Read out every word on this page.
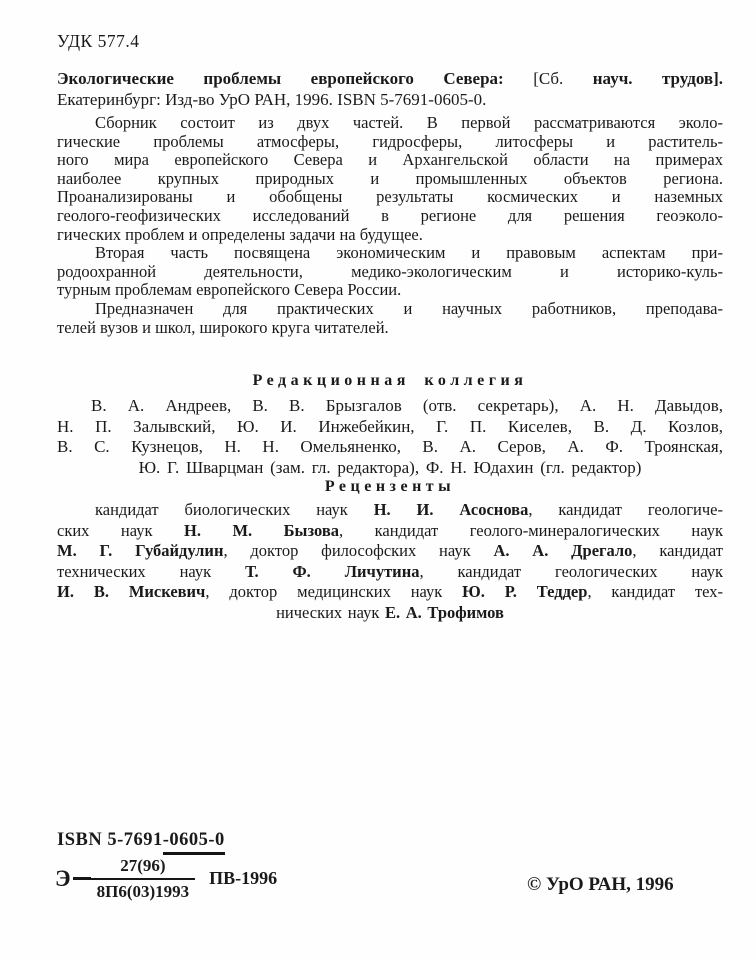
УДК 577.4
Экологические проблемы европейского Севера: [Сб. науч. трудов].
Екатеринбург: Изд-во УрО РАН, 1996. ISBN 5-7691-0605-0.
Сборник состоит из двух частей. В первой рассматриваются эколо-
гические проблемы атмосферы, гидросферы, литосферы и раститель-
ного мира европейского Севера и Архангельской области на примерах
наиболее крупных природных и промышленных объектов региона.
Проанализированы и обобщены результаты космических и наземных
геолого-геофизических исследований в регионе для решения геоэколо-
гических проблем и определены задачи на будущее.
Вторая часть посвящена экономическим и правовым аспектам при-
родоохранной деятельности, медико-экологическим и историко-куль-
турным проблемам европейского Севера России.
Предназначен для практических и научных работников, преподава-
телей вузов и школ, широкого круга читателей.
Редакционная коллегия
В. А. Андреев, В. В. Брызгалов (отв. секретарь), А. Н. Давыдов,
Н. П. Залывский, Ю. И. Инжебейкин, Г. П. Киселев, В. Д. Козлов,
В. С. Кузнецов, Н. Н. Омельяненко, В. А. Серов, А. Ф. Троянская,
Ю. Г. Шварцман (зам. гл. редактора), Ф. Н. Юдахин (гл. редактор)
Рецензенты
кандидат биологических наук Н. И. Асоснова, кандидат геологиче-
ских наук Н. М. Бызова, кандидат геолого-минералогических наук
М. Г. Губайдулин, доктор философских наук А. А. Дрегало, кандидат
технических наук Т. Ф. Личутина, кандидат геологических наук
И. В. Мискевич, доктор медицинских наук Ю. Р. Теддер, кандидат тех-
нических наук Е. А. Трофимов
ISBN 5-7691-0605-0
Э $\frac{27(96)}{8П6(03)1993} ПВ-1996$	© УрО РАН, 1996
